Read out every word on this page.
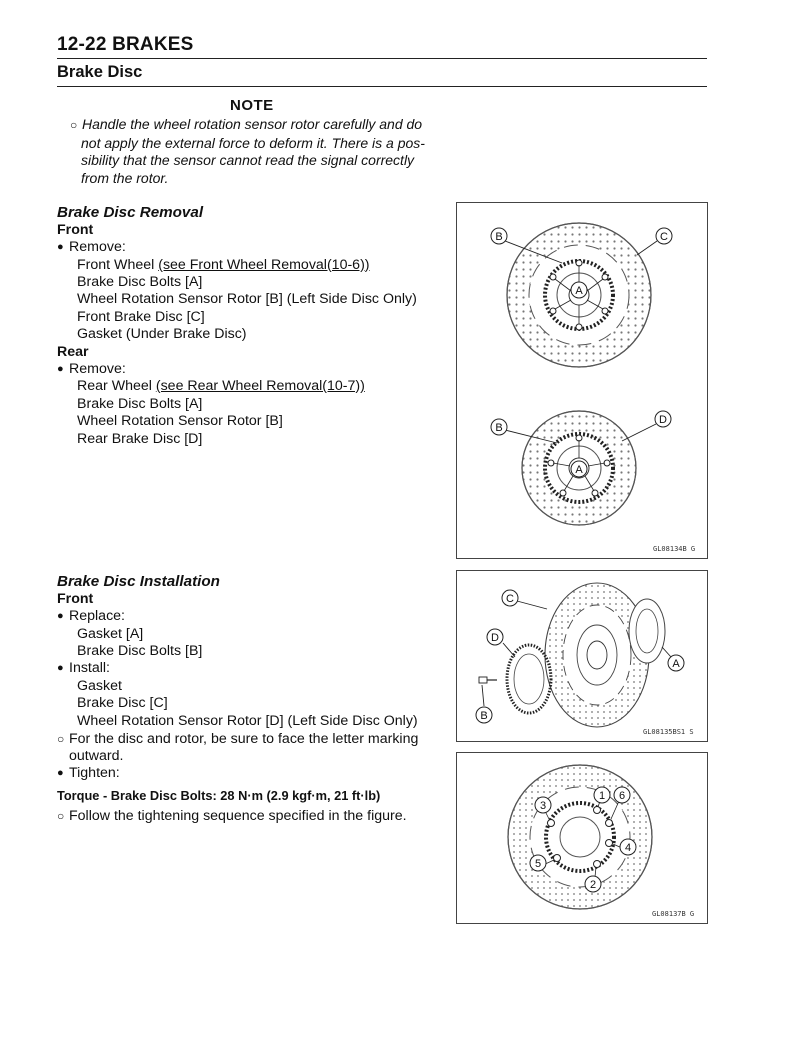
12-22 BRAKES
Brake Disc
NOTE
○ Handle the wheel rotation sensor rotor carefully and do
not apply the external force to deform it. There is a pos-
sibility that the sensor cannot read the signal correctly
from the rotor.
Brake Disc Removal
Front
● Remove:
Front Wheel (see Front Wheel Removal(10-6))
Brake Disc Bolts [A]
Wheel Rotation Sensor Rotor [B] (Left Side Disc Only)
Front Brake Disc [C]
Gasket (Under Brake Disc)
Rear
● Remove:
Rear Wheel (see Rear Wheel Removal(10-7))
Brake Disc Bolts [A]
Wheel Rotation Sensor Rotor [B]
Rear Brake Disc [D]
Brake Disc Installation
Front
● Replace:
Gasket [A]
Brake Disc Bolts [B]
● Install:
Gasket
Brake Disc [C]
Wheel Rotation Sensor Rotor [D] (Left Side Disc Only)
○ For the disc and rotor, be sure to face the letter marking
outward.
● Tighten:
Torque - Brake Disc Bolts: 28 N·m (2.9 kgf·m, 21 ft·lb)
○ Follow the tightening sequence specified in the figure.
B	C
A
B
D
A
GL08134B G
C
D
A
B
GL08135BS1 S
1
2
3
4
5
6
GL08137B G
